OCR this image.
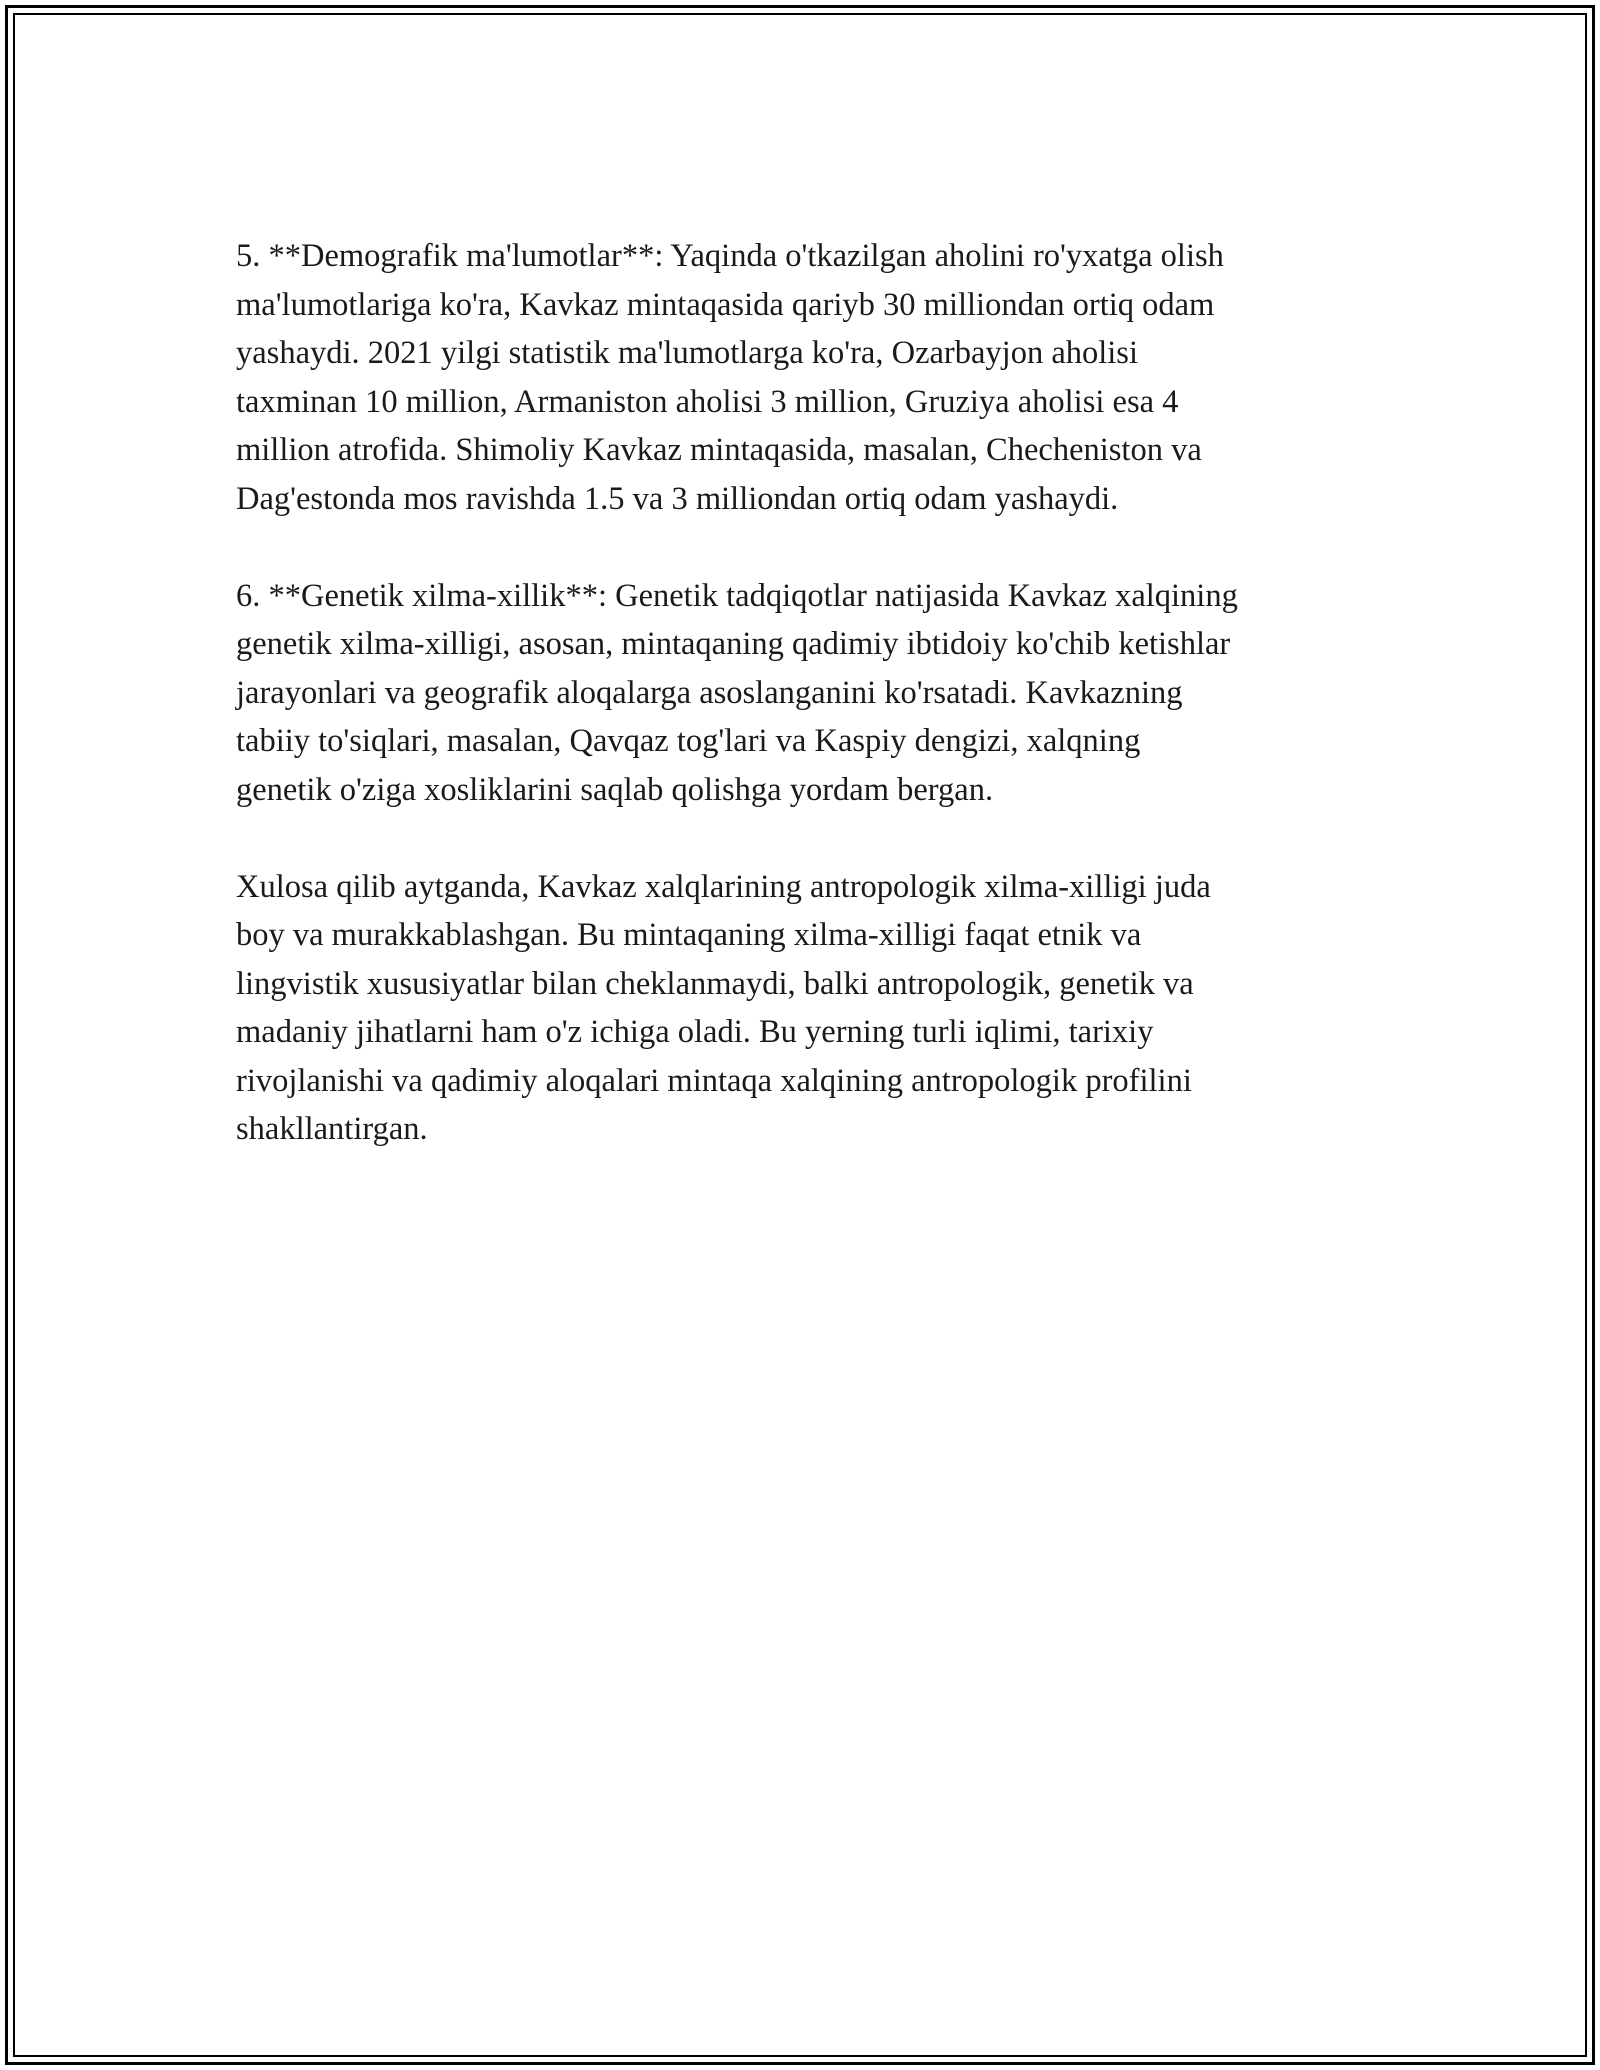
5. **Demografik ma'lumotlar**: Yaqinda o'tkazilgan aholini ro'yxatga olish
ma'lumotlariga ko'ra, Kavkaz mintaqasida qariyb 30 milliondan ortiq odam
yashaydi. 2021 yilgi statistik ma'lumotlarga ko'ra, Ozarbayjon aholisi
taxminan 10 million, Armaniston aholisi 3 million, Gruziya aholisi esa 4
million atrofida. Shimoliy Kavkaz mintaqasida, masalan, Checheniston va
Dag'estonda mos ravishda 1.5 va 3 milliondan ortiq odam yashaydi.

6. **Genetik xilma-xillik**: Genetik tadqiqotlar natijasida Kavkaz xalqining
genetik xilma-xilligi, asosan, mintaqaning qadimiy ibtidoiy ko'chib ketishlar
jarayonlari va geografik aloqalarga asoslanganini ko'rsatadi. Kavkazning
tabiiy to'siqlari, masalan, Qavqaz tog'lari va Kaspiy dengizi, xalqning
genetik o'ziga xosliklarini saqlab qolishga yordam bergan.

Xulosa qilib aytganda, Kavkaz xalqlarining antropologik xilma-xilligi juda
boy va murakkablashgan. Bu mintaqaning xilma-xilligi faqat etnik va
lingvistik xususiyatlar bilan cheklanmaydi, balki antropologik, genetik va
madaniy jihatlarni ham o'z ichiga oladi. Bu yerning turli iqlimi, tarixiy
rivojlanishi va qadimiy aloqalari mintaqa xalqining antropologik profilini
shakllantirgan.
